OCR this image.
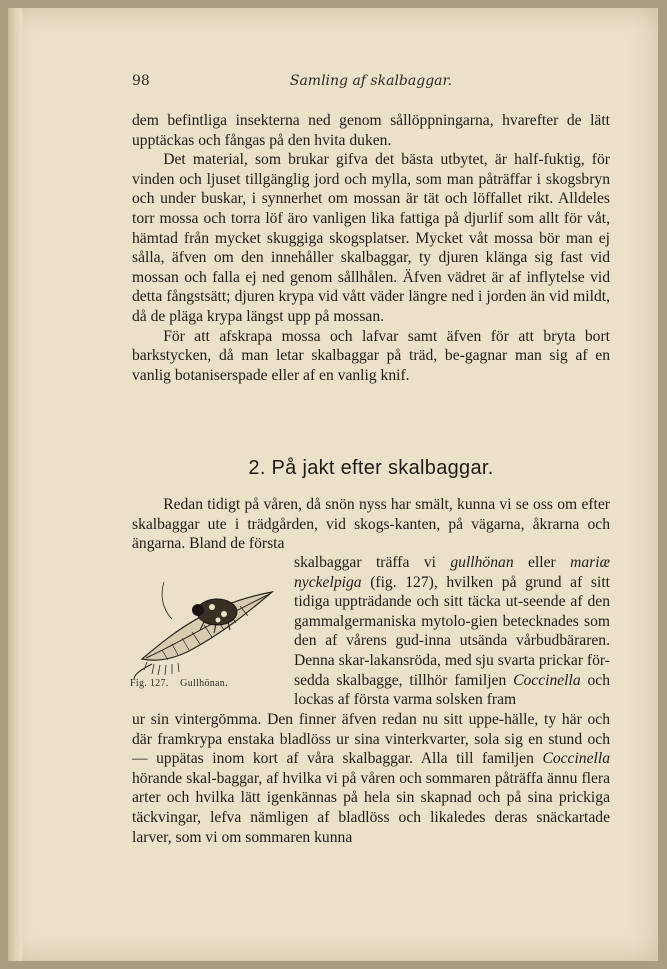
98	Samling af skalbaggar.

dem befintliga insekterna ned genom sållöppningarna, hvarefter de lätt upptäckas och fångas på den hvita duken.

Det material, som brukar gifva det bästa utbytet, är half-fuktig, för vinden och ljuset tillgänglig jord och mylla, som man påträffar i skogsbryn och under buskar, i synnerhet om mossan är tät och löffallet rikt. Alldeles torr mossa och torra löf äro vanligen lika fattiga på djurlif som allt för våt, hämtad från mycket skuggiga skogsplatser. Mycket våt mossa bör man ej sålla, äfven om den innehåller skalbaggar, ty djuren klänga sig fast vid mossan och falla ej ned genom sållhålen. Äfven vädret är af inflytelse vid detta fångstsätt; djuren krypa vid vått väder längre ned i jorden än vid mildt, då de pläga krypa längst upp på mossan.

För att afskrapa mossa och lafvar samt äfven för att bryta bort barkstycken, då man letar skalbaggar på träd, be-gagnar man sig af en vanlig botaniserspade eller af en vanlig knif.

2. På jakt efter skalbaggar.

Redan tidigt på våren, då snön nyss har smält, kunna vi se oss om efter skalbaggar ute i trädgården, vid skogs-kanten, på vägarna, åkrarna och ängarna. Bland de första

skalbaggar träffa vi gullhönan eller mariæ nyckelpiga (fig. 127), hvilken på grund af sitt tidiga uppträdande och sitt täcka ut-seende af den gammalgermaniska mytolo-gien betecknades som den af vårens gud-inna utsända vårbudbäraren. Denna skar-lakansröda, med sju svarta prickar för-sedda skalbagge, tillhör familjen Coccinella och lockas af första varma solsken fram
Fig. 127. Gullhönan.

ur sin vintergömma. Den finner äfven redan nu sitt uppe-hälle, ty här och där framkrypa enstaka bladlöss ur sina vinterkvarter, sola sig en stund och — uppätas inom kort af våra skalbaggar. Alla till familjen Coccinella hörande skal-baggar, af hvilka vi på våren och sommaren påträffa ännu flera arter och hvilka lätt igenkännas på hela sin skapnad och på sina prickiga täckvingar, lefva nämligen af bladlöss och likaledes deras snäckartade larver, som vi om sommaren kunna
